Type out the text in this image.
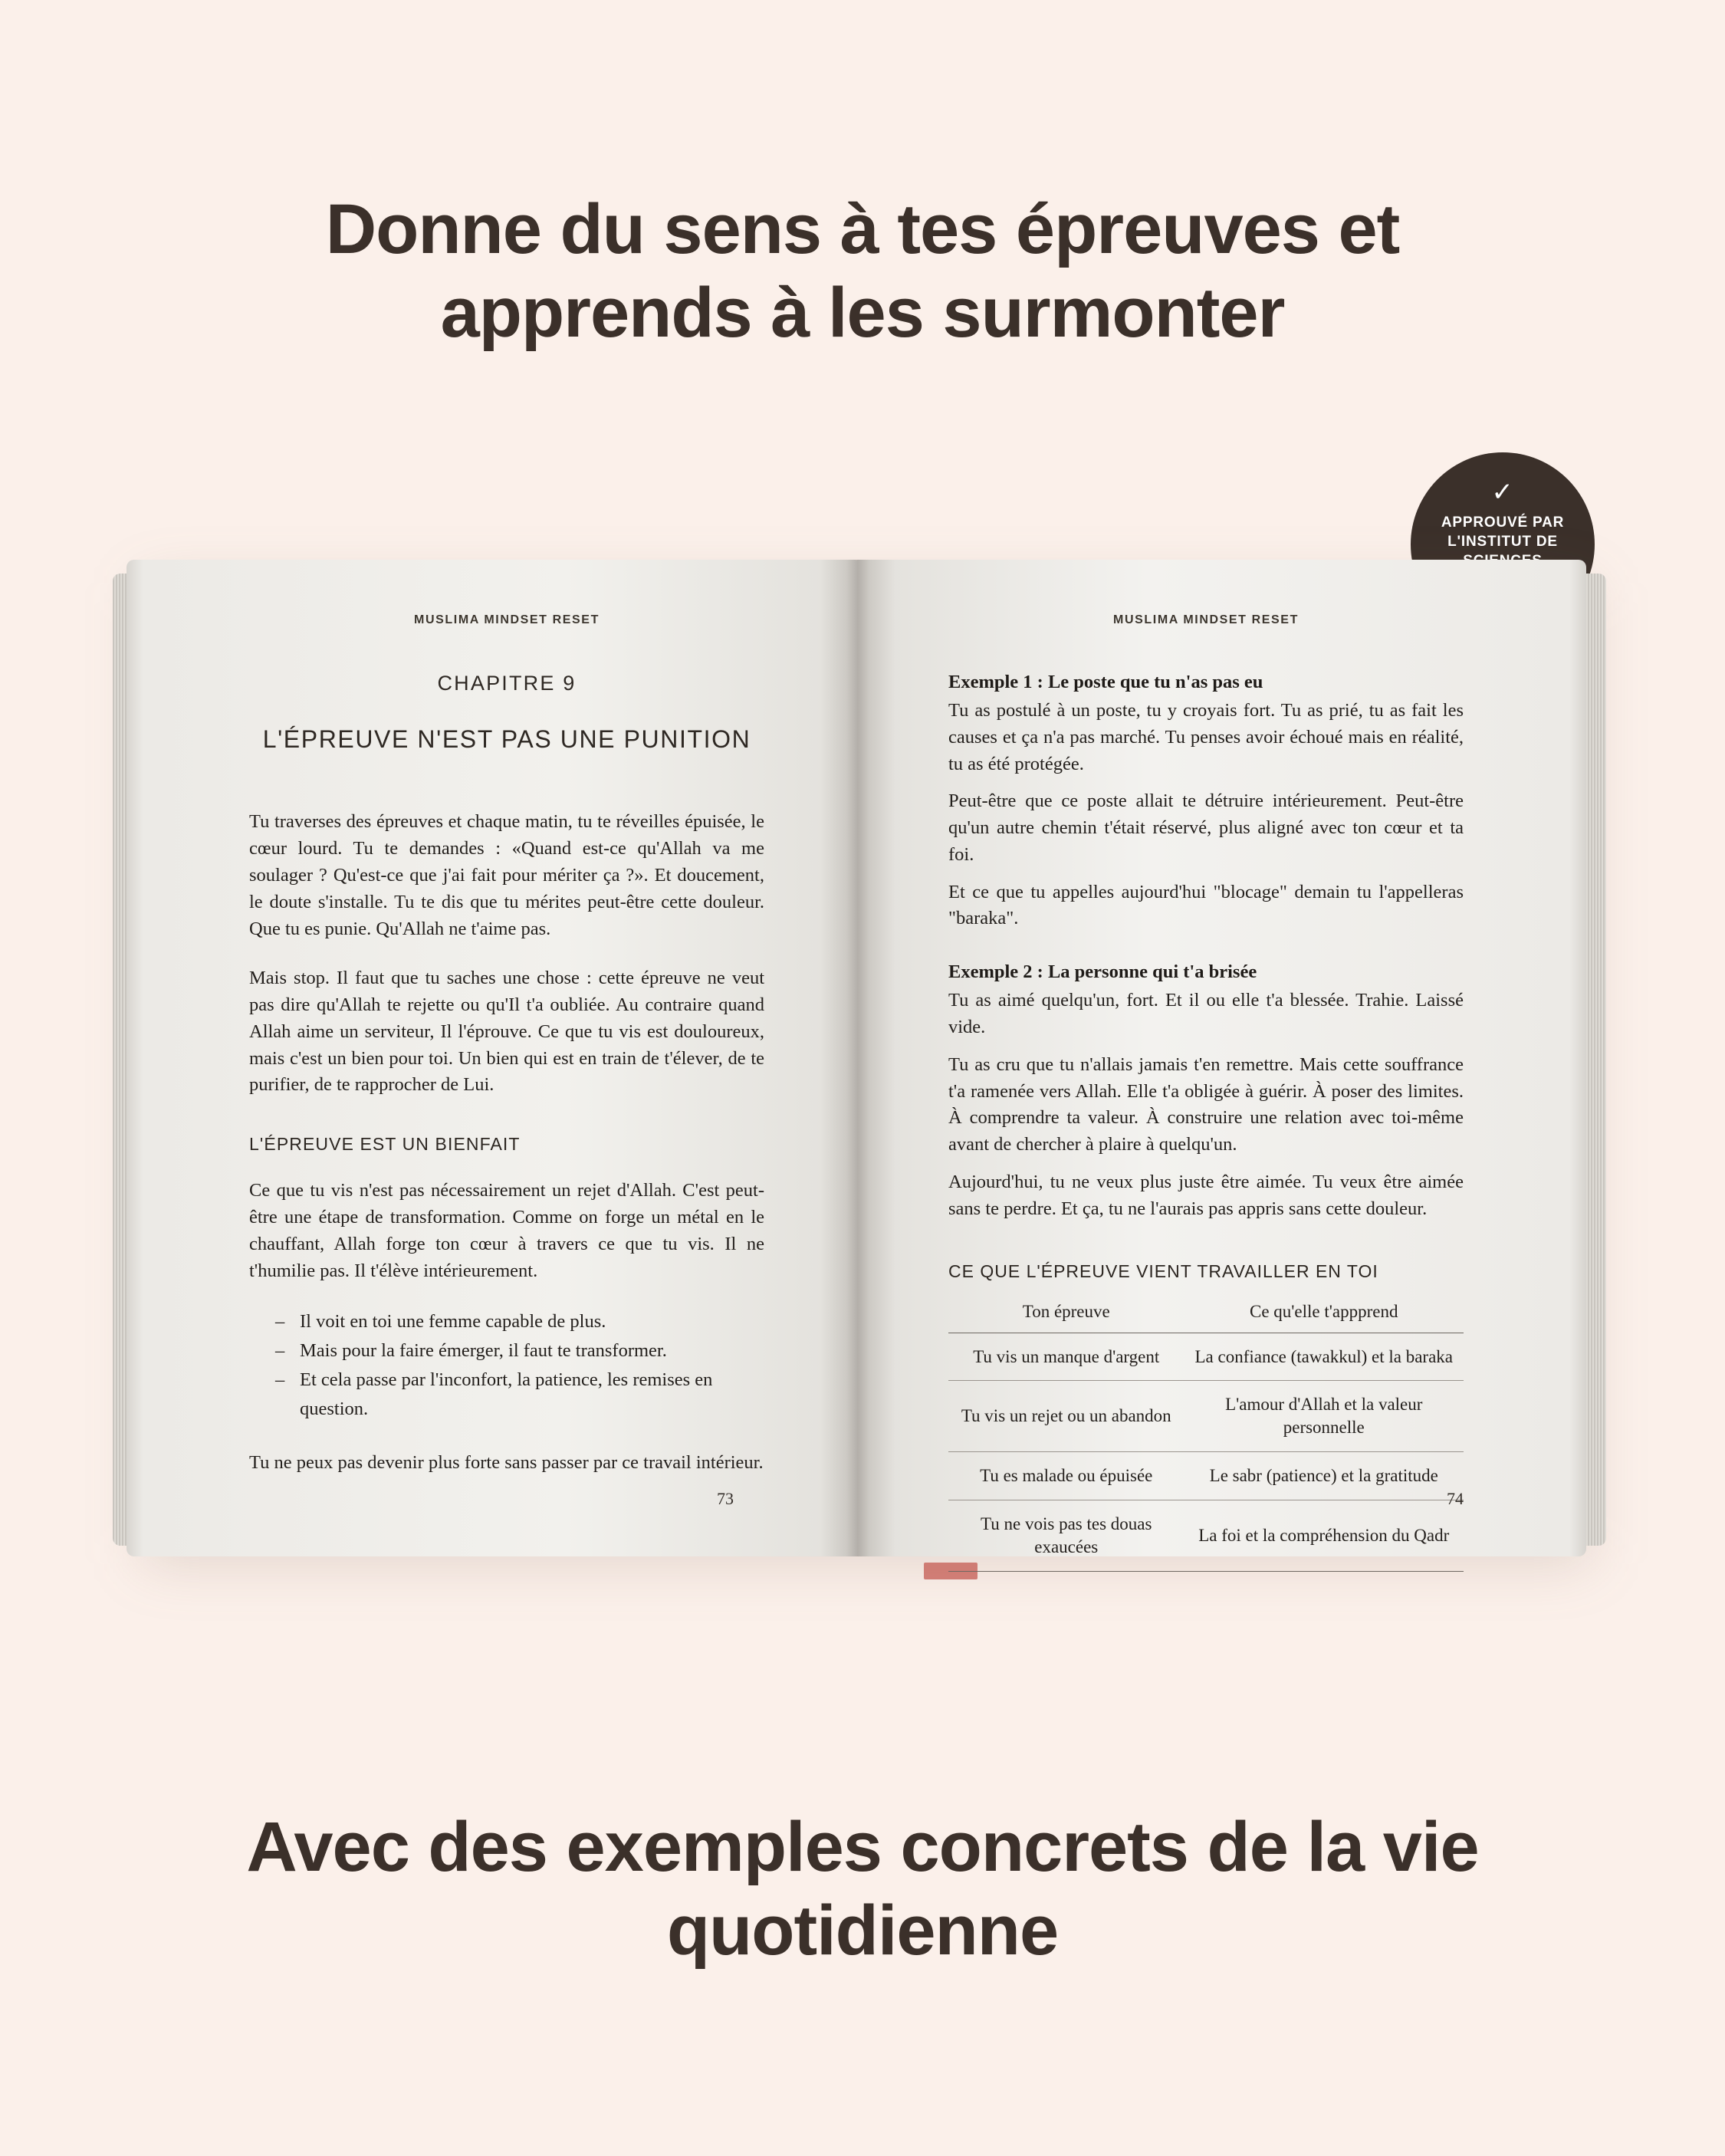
Donne du sens à tes épreuves et
apprends à les surmonter
✓
APPROUVÉ PAR
L'INSTITUT DE
MUSLIMA MINDSET RESET
CHAPITRE 9
L'ÉPREUVE N'EST PAS UNE PUNITION

Tu traverses des épreuves et chaque matin, tu te réveilles épuisée, le cœur lourd. Tu te demandes : «Quand est-ce qu'Allah va me soulager ? Qu'est-ce que j'ai fait pour mériter ça ?». Et doucement, le doute s'installe. Tu te dis que tu mérites peut-être cette douleur. Que tu es punie. Qu'Allah ne t'aime pas.

Mais stop. Il faut que tu saches une chose : cette épreuve ne veut pas dire qu'Allah te rejette ou qu'Il t'a oubliée. Au contraire quand Allah aime un serviteur, Il l'éprouve. Ce que tu vis est douloureux, mais c'est un bien pour toi. Un bien qui est en train de t'élever, de te purifier, de te rapprocher de Lui.

L'ÉPREUVE EST UN BIENFAIT

Ce que tu vis n'est pas nécessairement un rejet d'Allah. C'est peut-être une étape de transformation. Comme on forge un métal en le chauffant, Allah forge ton cœur à travers ce que tu vis. Il ne t'humilie pas. Il t'élève intérieurement.

– Il voit en toi une femme capable de plus.
– Mais pour la faire émerger, il faut te transformer.
– Et cela passe par l'inconfort, la patience, les remises en question.

Tu ne peux pas devenir plus forte sans passer par ce travail intérieur.

73
MUSLIMA MINDSET RESET

Exemple 1 : Le poste que tu n'as pas eu

Tu as postulé à un poste, tu y croyais fort. Tu as prié, tu as fait les causes et ça n'a pas marché. Tu penses avoir échoué mais en réalité, tu as été protégée.

Peut-être que ce poste allait te détruire intérieurement. Peut-être qu'un autre chemin t'était réservé, plus aligné avec ton cœur et ta foi.

Et ce que tu appelles aujourd'hui "blocage" demain tu l'appelleras "baraka".

Exemple 2 : La personne qui t'a brisée

Tu as aimé quelqu'un, fort. Et il ou elle t'a blessée. Trahie. Laissé vide.

Tu as cru que tu n'allais jamais t'en remettre. Mais cette souffrance t'a ramenée vers Allah. Elle t'a obligée à guérir. À poser des limites. À comprendre ta valeur. À construire une relation avec toi-même avant de chercher à plaire à quelqu'un.

Aujourd'hui, tu ne veux plus juste être aimée. Tu veux être aimée sans te perdre. Et ça, tu ne l'aurais pas appris sans cette douleur.

CE QUE L'ÉPREUVE VIENT TRAVAILLER EN TOI
Ton épreuve	Ce qu'elle t'appprend
Tu vis un manque d'argent	La confiance (tawakkul) et la baraka
Tu vis un rejet ou un abandon	L'amour d'Allah et la valeur personnelle
Tu es malade ou épuisée	Le sabr (patience) et la gratitude
Tu ne vois pas tes douas exaucées	La foi et la compréhension du Qadr
74
Avec des exemples concrets de la vie
quotidienne
